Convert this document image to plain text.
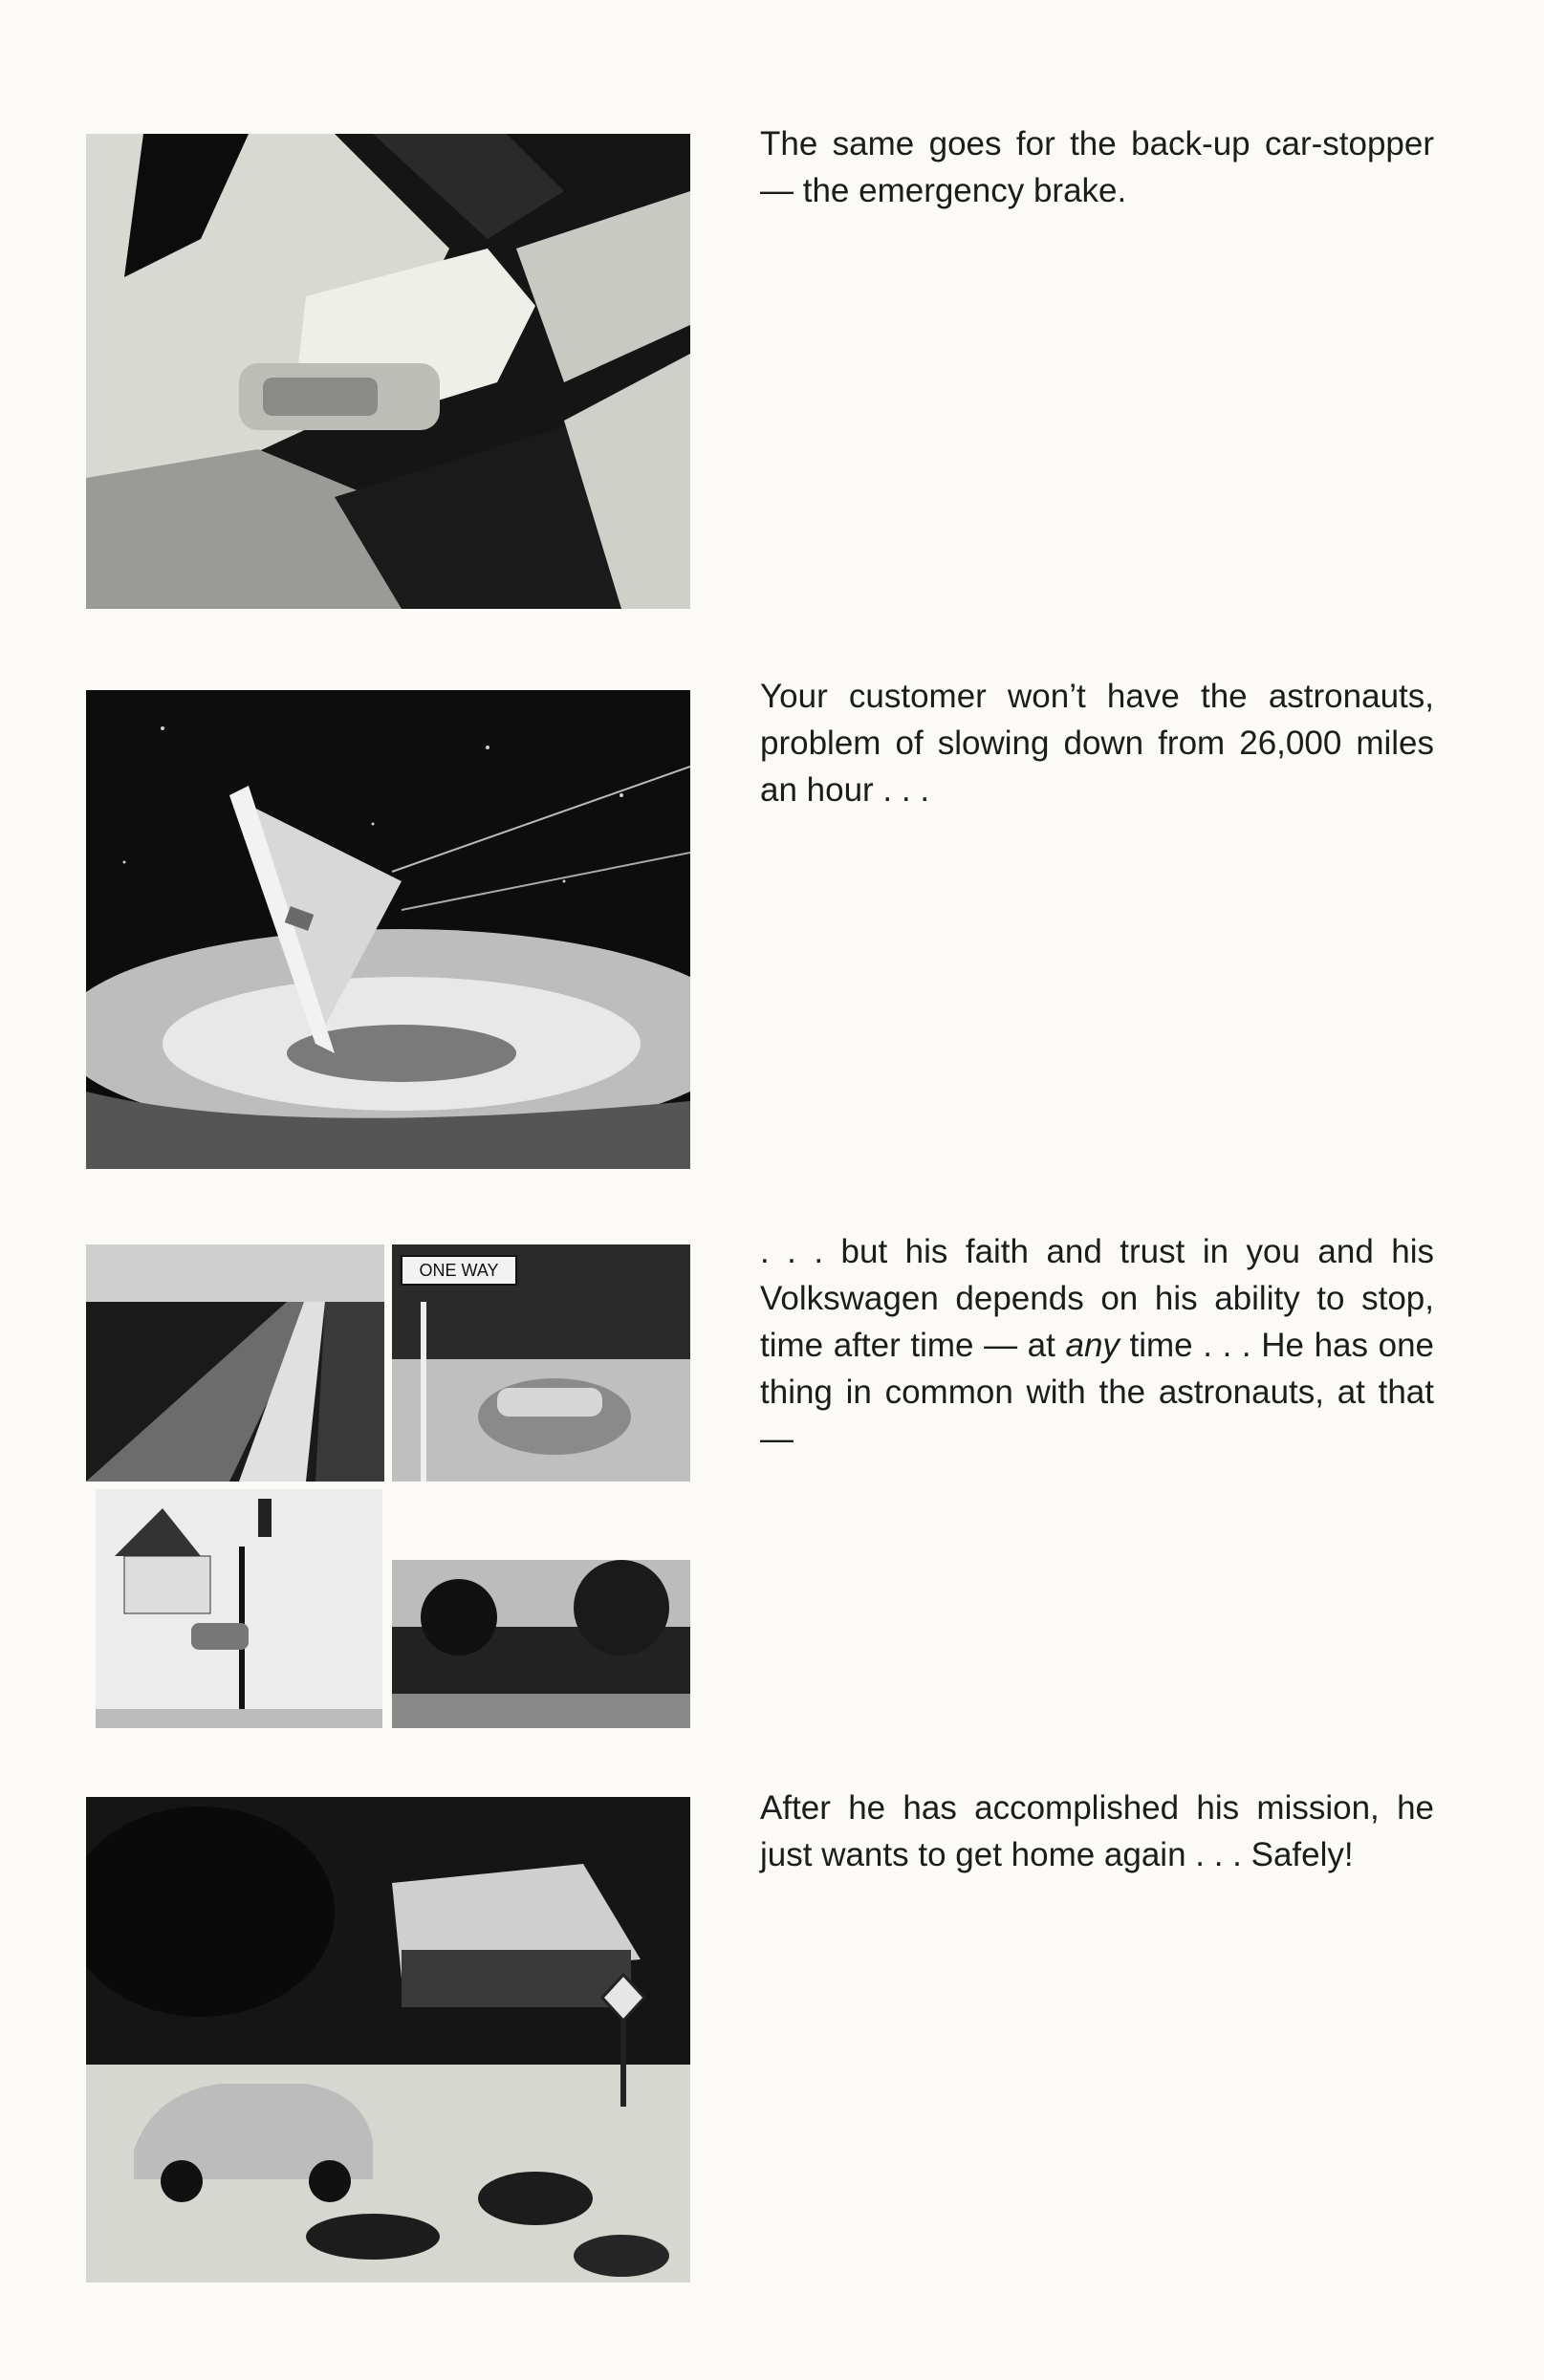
The same goes for the back-up car-stopper — the emergency brake.

Your customer won’t have the astronauts, problem of slowing down from 26,000 miles an hour . . .

ONE WAY	. . . but his faith and trust in you and his Volkswagen depends on his ability to stop, time after time — at any time . . . He has one thing in common with the astronauts, at that —

After he has accomplished his mission, he just wants to get home again . . . Safely!
